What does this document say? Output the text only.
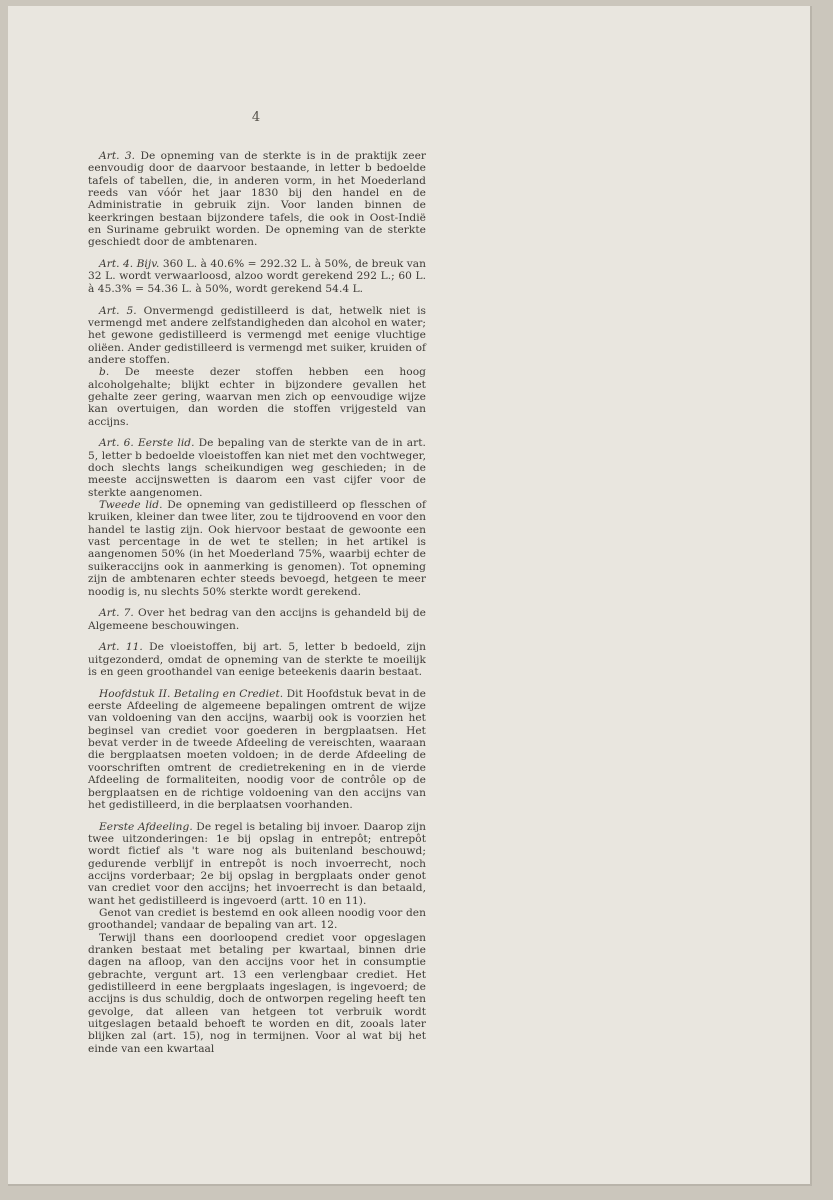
4

Art. 3. De opneming van de sterkte is in de praktijk zeer eenvoudig door de daarvoor bestaande, in letter b bedoelde tafels of tabellen, die, in anderen vorm, in het Moederland reeds van vóór het jaar 1830 bij den handel en de Administratie in gebruik zijn. Voor landen binnen de keerkringen bestaan bijzondere tafels, die ook in Oost-Indië en Suriname gebruikt worden. De opneming van de sterkte geschiedt door de ambtenaren.

Art. 4. Bijv. 360 L. à 40.6% = 292.32 L. à 50%, de breuk van 32 L. wordt verwaarloosd, alzoo wordt gerekend 292 L.; 60 L. à 45.3% = 54.36 L. à 50%, wordt gerekend 54.4 L.

Art. 5. Onvermengd gedistilleerd is dat, hetwelk niet is vermengd met andere zelfstandigheden dan alcohol en water; het gewone gedistilleerd is vermengd met eenige vluchtige oliëen. Ander gedistilleerd is vermengd met suiker, kruiden of andere stoffen.

b. De meeste dezer stoffen hebben een hoog alcoholgehalte; blijkt echter in bijzondere gevallen het gehalte zeer gering, waarvan men zich op eenvoudige wijze kan overtuigen, dan worden die stoffen vrijgesteld van accijns.

Art. 6. Eerste lid. De bepaling van de sterkte van de in art. 5, letter b bedoelde vloeistoffen kan niet met den vochtweger, doch slechts langs scheikundigen weg geschieden; in de meeste accijnswetten is daarom een vast cijfer voor de sterkte aangenomen.

Tweede lid. De opneming van gedistilleerd op flesschen of kruiken, kleiner dan twee liter, zou te tijdroovend en voor den handel te lastig zijn. Ook hiervoor bestaat de gewoonte een vast percentage in de wet te stellen; in het artikel is aangenomen 50% (in het Moederland 75%, waarbij echter de suikeraccijns ook in aanmerking is genomen). Tot opneming zijn de ambtenaren echter steeds bevoegd, hetgeen te meer noodig is, nu slechts 50% sterkte wordt gerekend.

Art. 7. Over het bedrag van den accijns is gehandeld bij de Algemeene beschouwingen.

Art. 11. De vloeistoffen, bij art. 5, letter b bedoeld, zijn uitgezonderd, omdat de opneming van de sterkte te moeilijk is en geen groothandel van eenige beteekenis daarin bestaat.

Hoofdstuk II. Betaling en Crediet. Dit Hoofdstuk bevat in de eerste Afdeeling de algemeene bepalingen omtrent de wijze van voldoening van den accijns, waarbij ook is voorzien het beginsel van crediet voor goederen in bergplaatsen. Het bevat verder in de tweede Afdeeling de vereischten, waaraan die bergplaatsen moeten voldoen; in de derde Afdeeling de voorschriften omtrent de credietrekening en in de vierde Afdeeling de formaliteiten, noodig voor de contrôle op de bergplaatsen en de richtige voldoening van den accijns van het gedistilleerd, in die berplaatsen voorhanden.

Eerste Afdeeling. De regel is betaling bij invoer. Daarop zijn twee uitzonderingen: 1e bij opslag in entrepôt; entrepôt wordt fictief als 't ware nog als buitenland beschouwd; gedurende verblijf in entrepôt is noch invoerrecht, noch accijns vorderbaar; 2e bij opslag in bergplaats onder genot van crediet voor den accijns; het invoerrecht is dan betaald, want het gedistilleerd is ingevoerd (artt. 10 en 11).

Genot van crediet is bestemd en ook alleen noodig voor den groothandel; vandaar de bepaling van art. 12.

Terwijl thans een doorloopend crediet voor opgeslagen dranken bestaat met betaling per kwartaal, binnen drie dagen na afloop, van den accijns voor het in consumptie gebrachte, vergunt art. 13 een verlengbaar crediet. Het gedistilleerd in eene bergplaats ingeslagen, is ingevoerd; de accijns is dus schuldig, doch de ontworpen regeling heeft ten gevolge, dat alleen van hetgeen tot verbruik wordt uitgeslagen betaald behoeft te worden en dit, zooals later blijken zal (art. 15), nog in termijnen. Voor al wat bij het einde van een kwartaal
